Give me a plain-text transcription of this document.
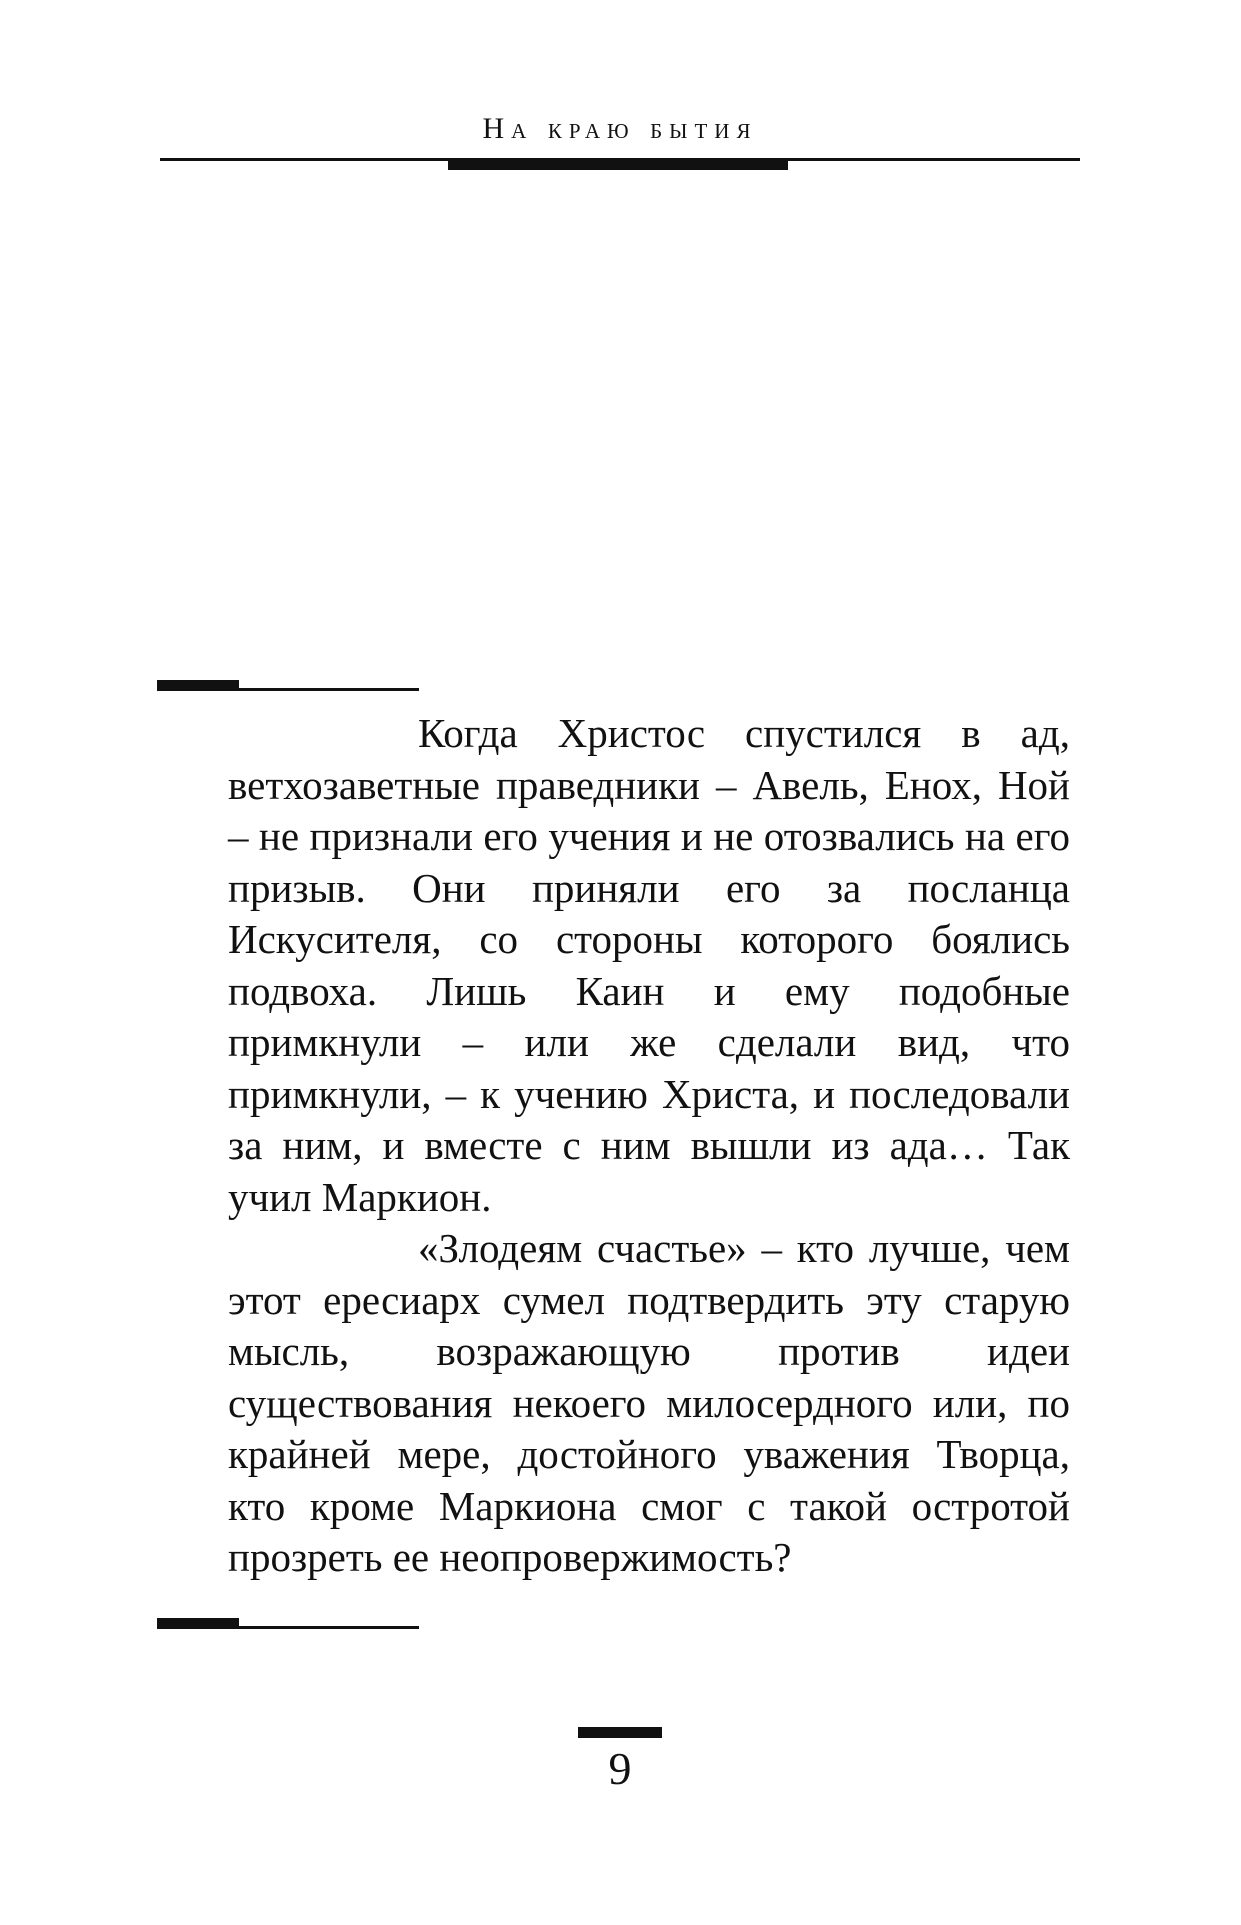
На краю бытия

Когда Христос спустился в ад, ветхозаветные праведники – Авель, Енох, Ной – не признали его учения и не отозвались на его призыв. Они приняли его за посланца Искусителя, со стороны которого боялись подвоха. Лишь Каин и ему подобные примкнули – или же сделали вид, что примкнули, – к учению Христа, и последовали за ним, и вместе с ним вышли из ада… Так учил Маркион.

«Злодеям счастье» – кто лучше, чем этот ересиарх сумел подтвердить эту старую мысль, возражающую против идеи существования некоего милосердного или, по крайней мере, достойного уважения Творца, кто кроме Маркиона смог с такой остротой прозреть ее неопровержимость?

9
